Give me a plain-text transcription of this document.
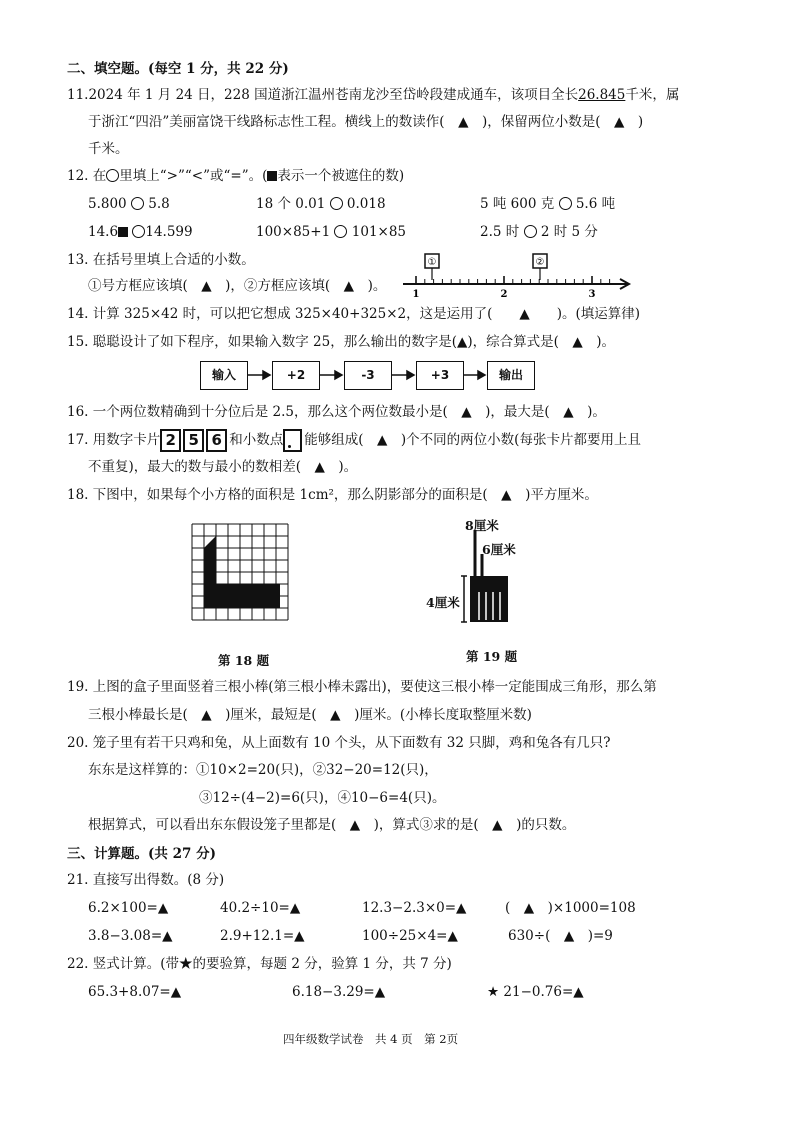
二、填空题。(每空 1 分，共 22 分)
11.2024 年 1 月 24 日，228 国道浙江温州苍南龙沙至岱岭段建成通车，该项目全长26.845千米，属
于浙江“四沿”美丽富饶干线路标志性工程。横线上的数读作(　▲　)，保留两位小数是(　▲　)
千米。
12. 在 里填上“>”“<”或“=”。( 表示一个被遮住的数)
5.800 5.8	18 个 0.01 0.018	5 吨 600 克 5.6 吨
14.6 14.599	100×85+1 101×85	2.5 时 2 时 5 分
13. 在括号里填上合适的小数。
①号方框应该填(　▲　)，②方框应该填(　▲　)。
①	②
1	2	3
14. 计算 325×42 时，可以把它想成 325×40+325×2，这是运用了(　　▲　　)。(填运算律)
15. 聪聪设计了如下程序，如果输入数字 25，那么输出的数字是(▲)，综合算式是(　▲　)。
输入	+2	-3	+3	输出
16. 一个两位数精确到十分位后是 2.5，那么这个两位数最小是(　▲　)，最大是(　▲　)。
17. 用数字卡片 2 5 6 和小数点 能够组成(　▲　)个不同的两位小数(每张卡片都要用上且
不重复)，最大的数与最小的数相差(　▲　)。
18. 下图中，如果每个小方格的面积是 1cm²，那么阴影部分的面积是(　▲　)平方厘米。
第 18 题
8厘米
6厘米
4厘米
第 19 题
19. 上图的盒子里面竖着三根小棒(第三根小棒未露出)，要使这三根小棒一定能围成三角形，那么第
三根小棒最长是(　▲　)厘米，最短是(　▲　)厘米。(小棒长度取整厘米数)
20. 笼子里有若干只鸡和兔，从上面数有 10 个头，从下面数有 32 只脚，鸡和兔各有几只?
东东是这样算的：①10×2=20(只)，②32−20=12(只)，
③12÷(4−2)=6(只)，④10−6=4(只)。
根据算式，可以看出东东假设笼子里都是(　▲　)，算式③求的是(　▲　)的只数。
三、计算题。(共 27 分)
21. 直接写出得数。(8 分)
6.2×100=▲	40.2÷10=▲	12.3−2.3×0=▲	(　▲　)×1000=108
3.8−3.08=▲	2.9+12.1=▲	100÷25×4=▲	630÷(　▲　)=9
22. 竖式计算。(带★的要验算，每题 2 分，验算 1 分，共 7 分)
65.3+8.07=▲	6.18−3.29=▲	★ 21−0.76=▲
四年级数学试卷　共 4 页　第 2页
